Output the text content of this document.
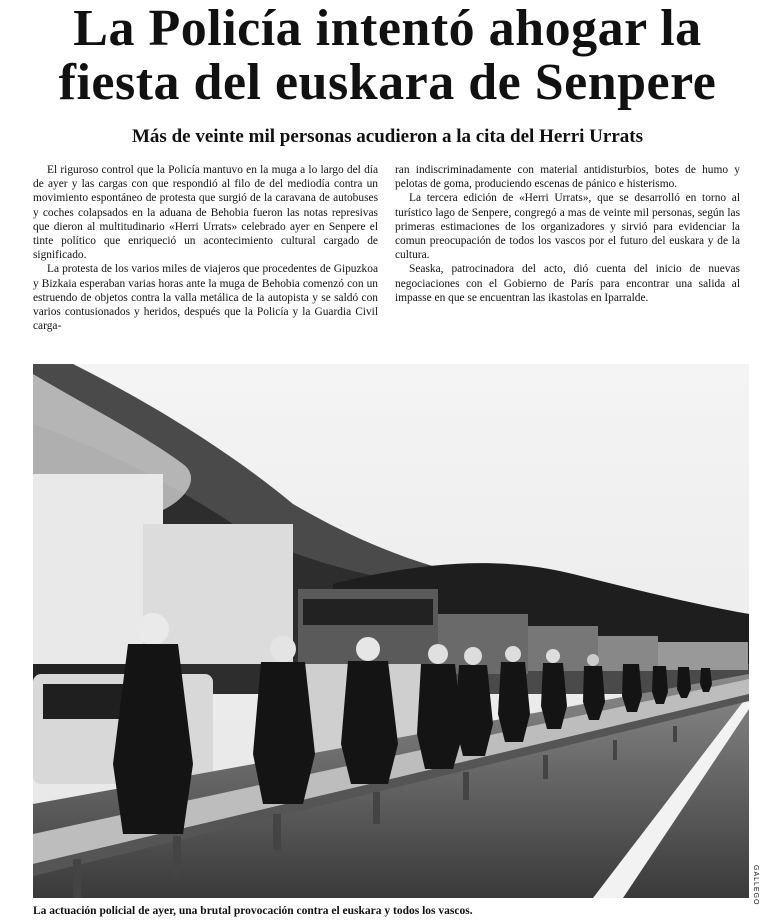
La Policía intentó ahogar la
fiesta del euskara de Senpere
Más de veinte mil personas acudieron a la cita del Herri Urrats

El riguroso control que la Policía mantuvo en la muga a lo largo del día de ayer y las cargas con que respondió al filo de del mediodía contra un movimiento espontáneo de protesta que surgió de la caravana de autobuses y coches colapsados en la aduana de Behobia fueron las notas represivas que dieron al multitudinario «Herri Urrats» celebrado ayer en Senpere el tinte político que enriqueció un acontecimiento cultural cargado de significado.

La protesta de los varios miles de viajeros que procedentes de Gipuzkoa y Bizkaia esperaban varias horas ante la muga de Behobia comenzó con un estruendo de objetos contra la valla metálica de la autopista y se saldó con varios contusionados y heridos, después que la Policía y la Guardia Civil carga-

ran indiscriminadamente con material antidisturbios, botes de humo y pelotas de goma, produciendo escenas de pánico e histerismo.

La tercera edición de «Herri Urrats», que se desarrolló en torno al turístico lago de Senpere, congregó a mas de veinte mil personas, según las primeras estimaciones de los organizadores y sirvió para evidenciar la comun preocupación de todos los vascos por el futuro del euskara y de la cultura.

Seaska, patrocinadora del acto, dió cuenta del inicio de nuevas negociaciones con el Gobierno de París para encontrar una salida al impasse en que se encuentran las ikastolas en Iparralde.

GALLEGO

La actuación policial de ayer, una brutal provocación contra el euskara y todos los vascos.
